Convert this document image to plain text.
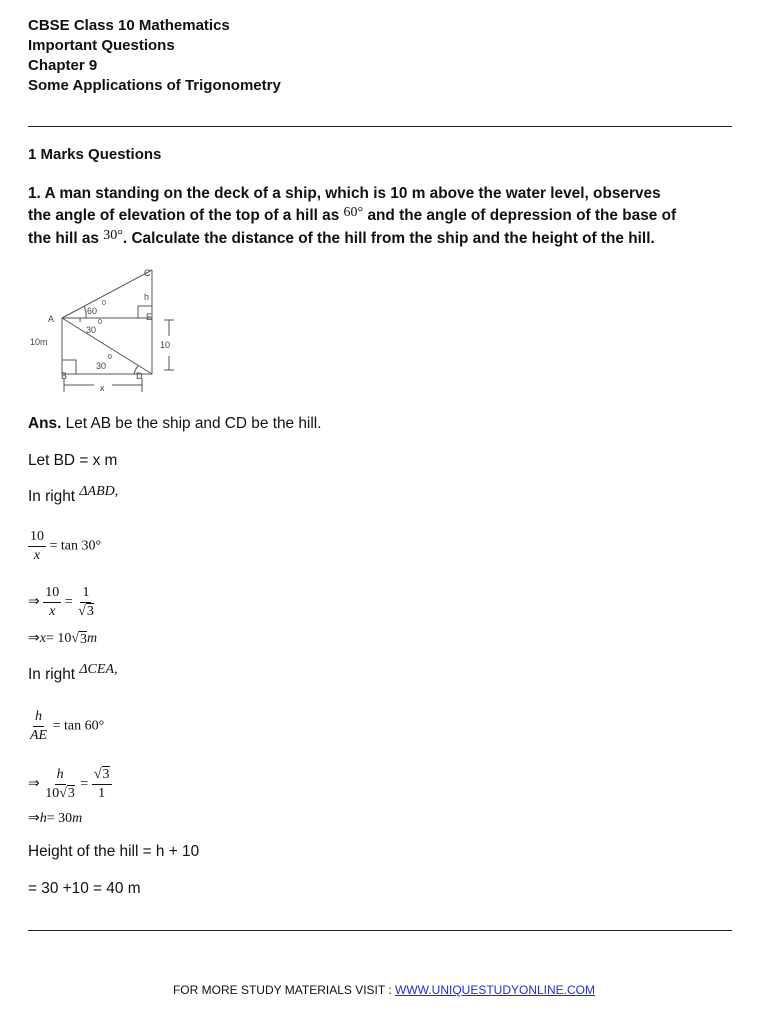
CBSE Class 10 Mathematics
Important Questions
Chapter 9
Some Applications of Trigonometry
1 Marks Questions
1. A man standing on the deck of a ship, which is 10 m above the water level, observes
the angle of elevation of the top of a hill as 60° and the angle of depression of the base of
the hill as 30°. Calculate the distance of the hill from the ship and the height of the hill.
A
B
C
D
E
h
x
10m	10
60
0
30
0
30
0
Ans. Let AB be the ship and CD be the hill.
Let BD = x m
In right ΔABD,
$\frac{10}{x} = \tan 30^\circ$
⇒ $\frac{10}{x} = \frac{1}{√ 3}$
⇒x= 10√ 3 m
In right ΔCEA,
$\frac{h}{AE} = \tan 60^\circ$
⇒ $\frac{h}{10√ 3} = \frac{√ 3}{1}$
⇒h= 30m
Height of the hill = h + 10
= 30 +10 = 40 m
FOR MORE STUDY MATERIALS VISIT : WWW.UNIQUESTUDYONLINE.COM
